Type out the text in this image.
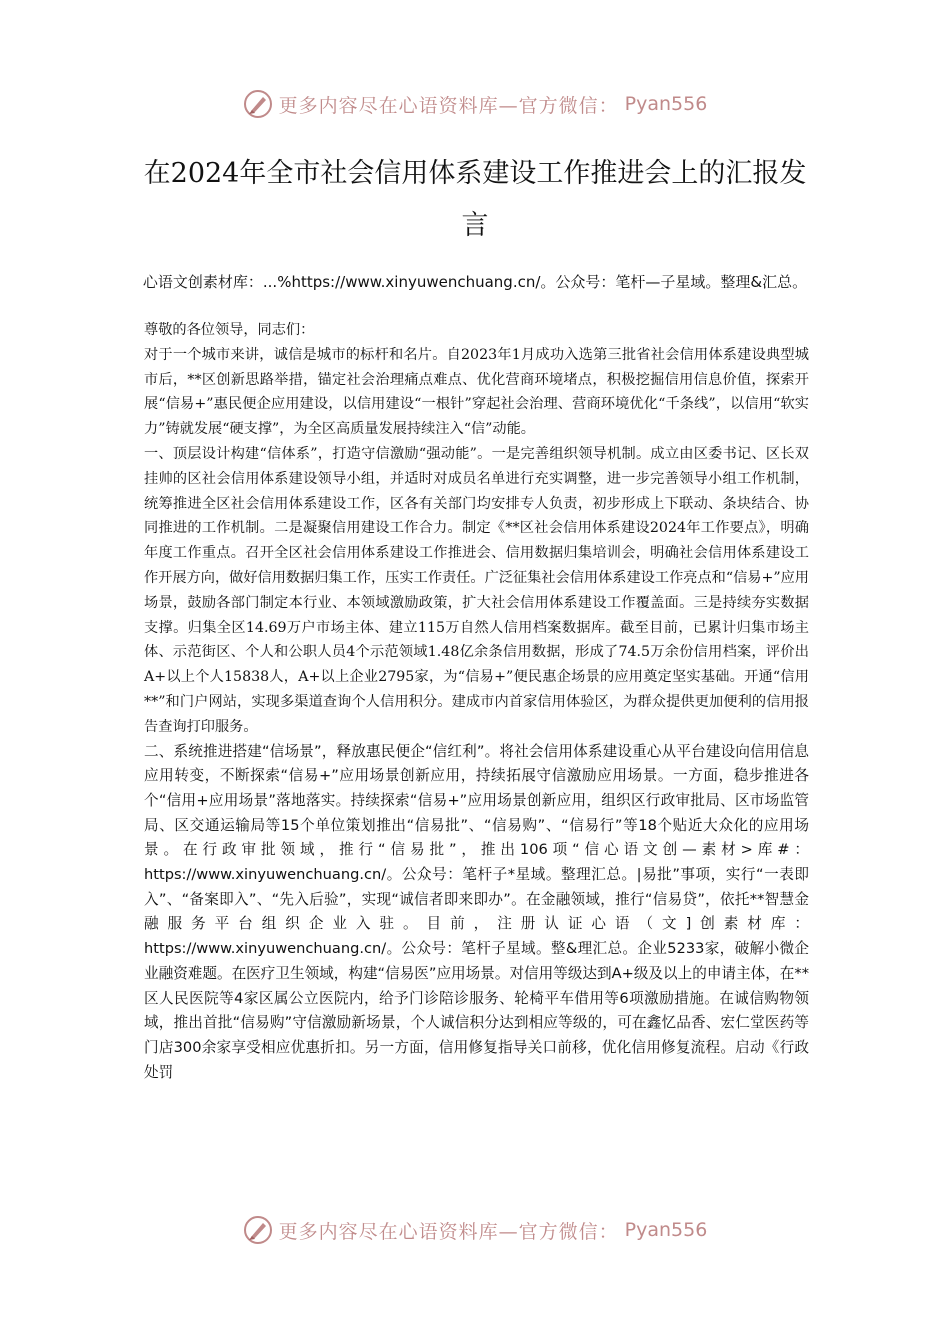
更多内容尽在心语资料库—官方微信： Pyan556
在2024年全市社会信用体系建设工作推进会上的汇报发言
心语文创素材库：...%https://www.xinyuwenchuang.cn/。公众号：笔杆—子星域。整理&汇总。

尊敬的各位领导，同志们：

对于一个城市来讲，诚信是城市的标杆和名片。自2023年1月成功入选第三批省社会信用体系建设典型城市后，**区创新思路举措，锚定社会治理痛点难点、优化营商环境堵点，积极挖掘信用信息价值，探索开展“信易+”惠民便企应用建设，以信用建设“一根针”穿起社会治理、营商环境优化“千条线”，以信用“软实力”铸就发展“硬支撑”，为全区高质量发展持续注入“信”动能。

一、顶层设计构建“信体系”，打造守信激励“强动能”。一是完善组织领导机制。成立由区委书记、区长双挂帅的区社会信用体系建设领导小组，并适时对成员名单进行充实调整，进一步完善领导小组工作机制，统筹推进全区社会信用体系建设工作，区各有关部门均安排专人负责，初步形成上下联动、条块结合、协同推进的工作机制。二是凝聚信用建设工作合力。制定《**区社会信用体系建设2024年工作要点》，明确年度工作重点。召开全区社会信用体系建设工作推进会、信用数据归集培训会，明确社会信用体系建设工作开展方向，做好信用数据归集工作，压实工作责任。广泛征集社会信用体系建设工作亮点和“信易+”应用场景，鼓励各部门制定本行业、本领域激励政策，扩大社会信用体系建设工作覆盖面。三是持续夯实数据支撑。归集全区14.69万户市场主体、建立115万自然人信用档案数据库。截至目前，已累计归集市场主体、示范街区、个人和公职人员4个示范领域1.48亿余条信用数据，形成了74.5万余份信用档案，评价出A+以上个人15838人，A+以上企业2795家，为“信易+”便民惠企场景的应用奠定坚实基础。开通“信用**”和门户网站，实现多渠道查询个人信用积分。建成市内首家信用体验区，为群众提供更加便利的信用报告查询打印服务。

二、系统推进搭建“信场景”，释放惠民便企“信红利”。将社会信用体系建设重心从平台建设向信用信息应用转变，不断探索“信易+”应用场景创新应用，持续拓展守信激励应用场景。一方面，稳步推进各个“信用+应用场景”落地落实。持续探索“信易+”应用场景创新应用，组织区行政审批局、区市场监管局、区交通运输局等15个单位策划推出“信易批”、“信易购”、“信易行”等18个贴近大众化的应用场景。在行政审批领域，推行“信易批”，推出106项“信心语文创—素材>库#：https://www.xinyuwenchuang.cn/。公众号：笔杆子*星域。整理汇总。|易批”事项，实行“一表即入”、“备案即入”、“先入后验”，实现“诚信者即来即办”。在金融领域，推行“信易贷”，依托**智慧金融服务平台组织企业入驻。目前，注册认证心语（文]创素材库：https://www.xinyuwenchuang.cn/。公众号：笔杆子星域。整&理汇总。企业5233家，破解小微企业融资难题。在医疗卫生领域，构建“信易医”应用场景。对信用等级达到A+级及以上的申请主体，在**区人民医院等4家区属公立医院内，给予门诊陪诊服务、轮椅平车借用等6项激励措施。在诚信购物领域，推出首批“信易购”守信激励新场景，个人诚信积分达到相应等级的，可在鑫忆品香、宏仁堂医药等门店300余家享受相应优惠折扣。另一方面，信用修复指导关口前移，优化信用修复流程。启动《行政处罚

更多内容尽在心语资料库—官方微信： Pyan556
